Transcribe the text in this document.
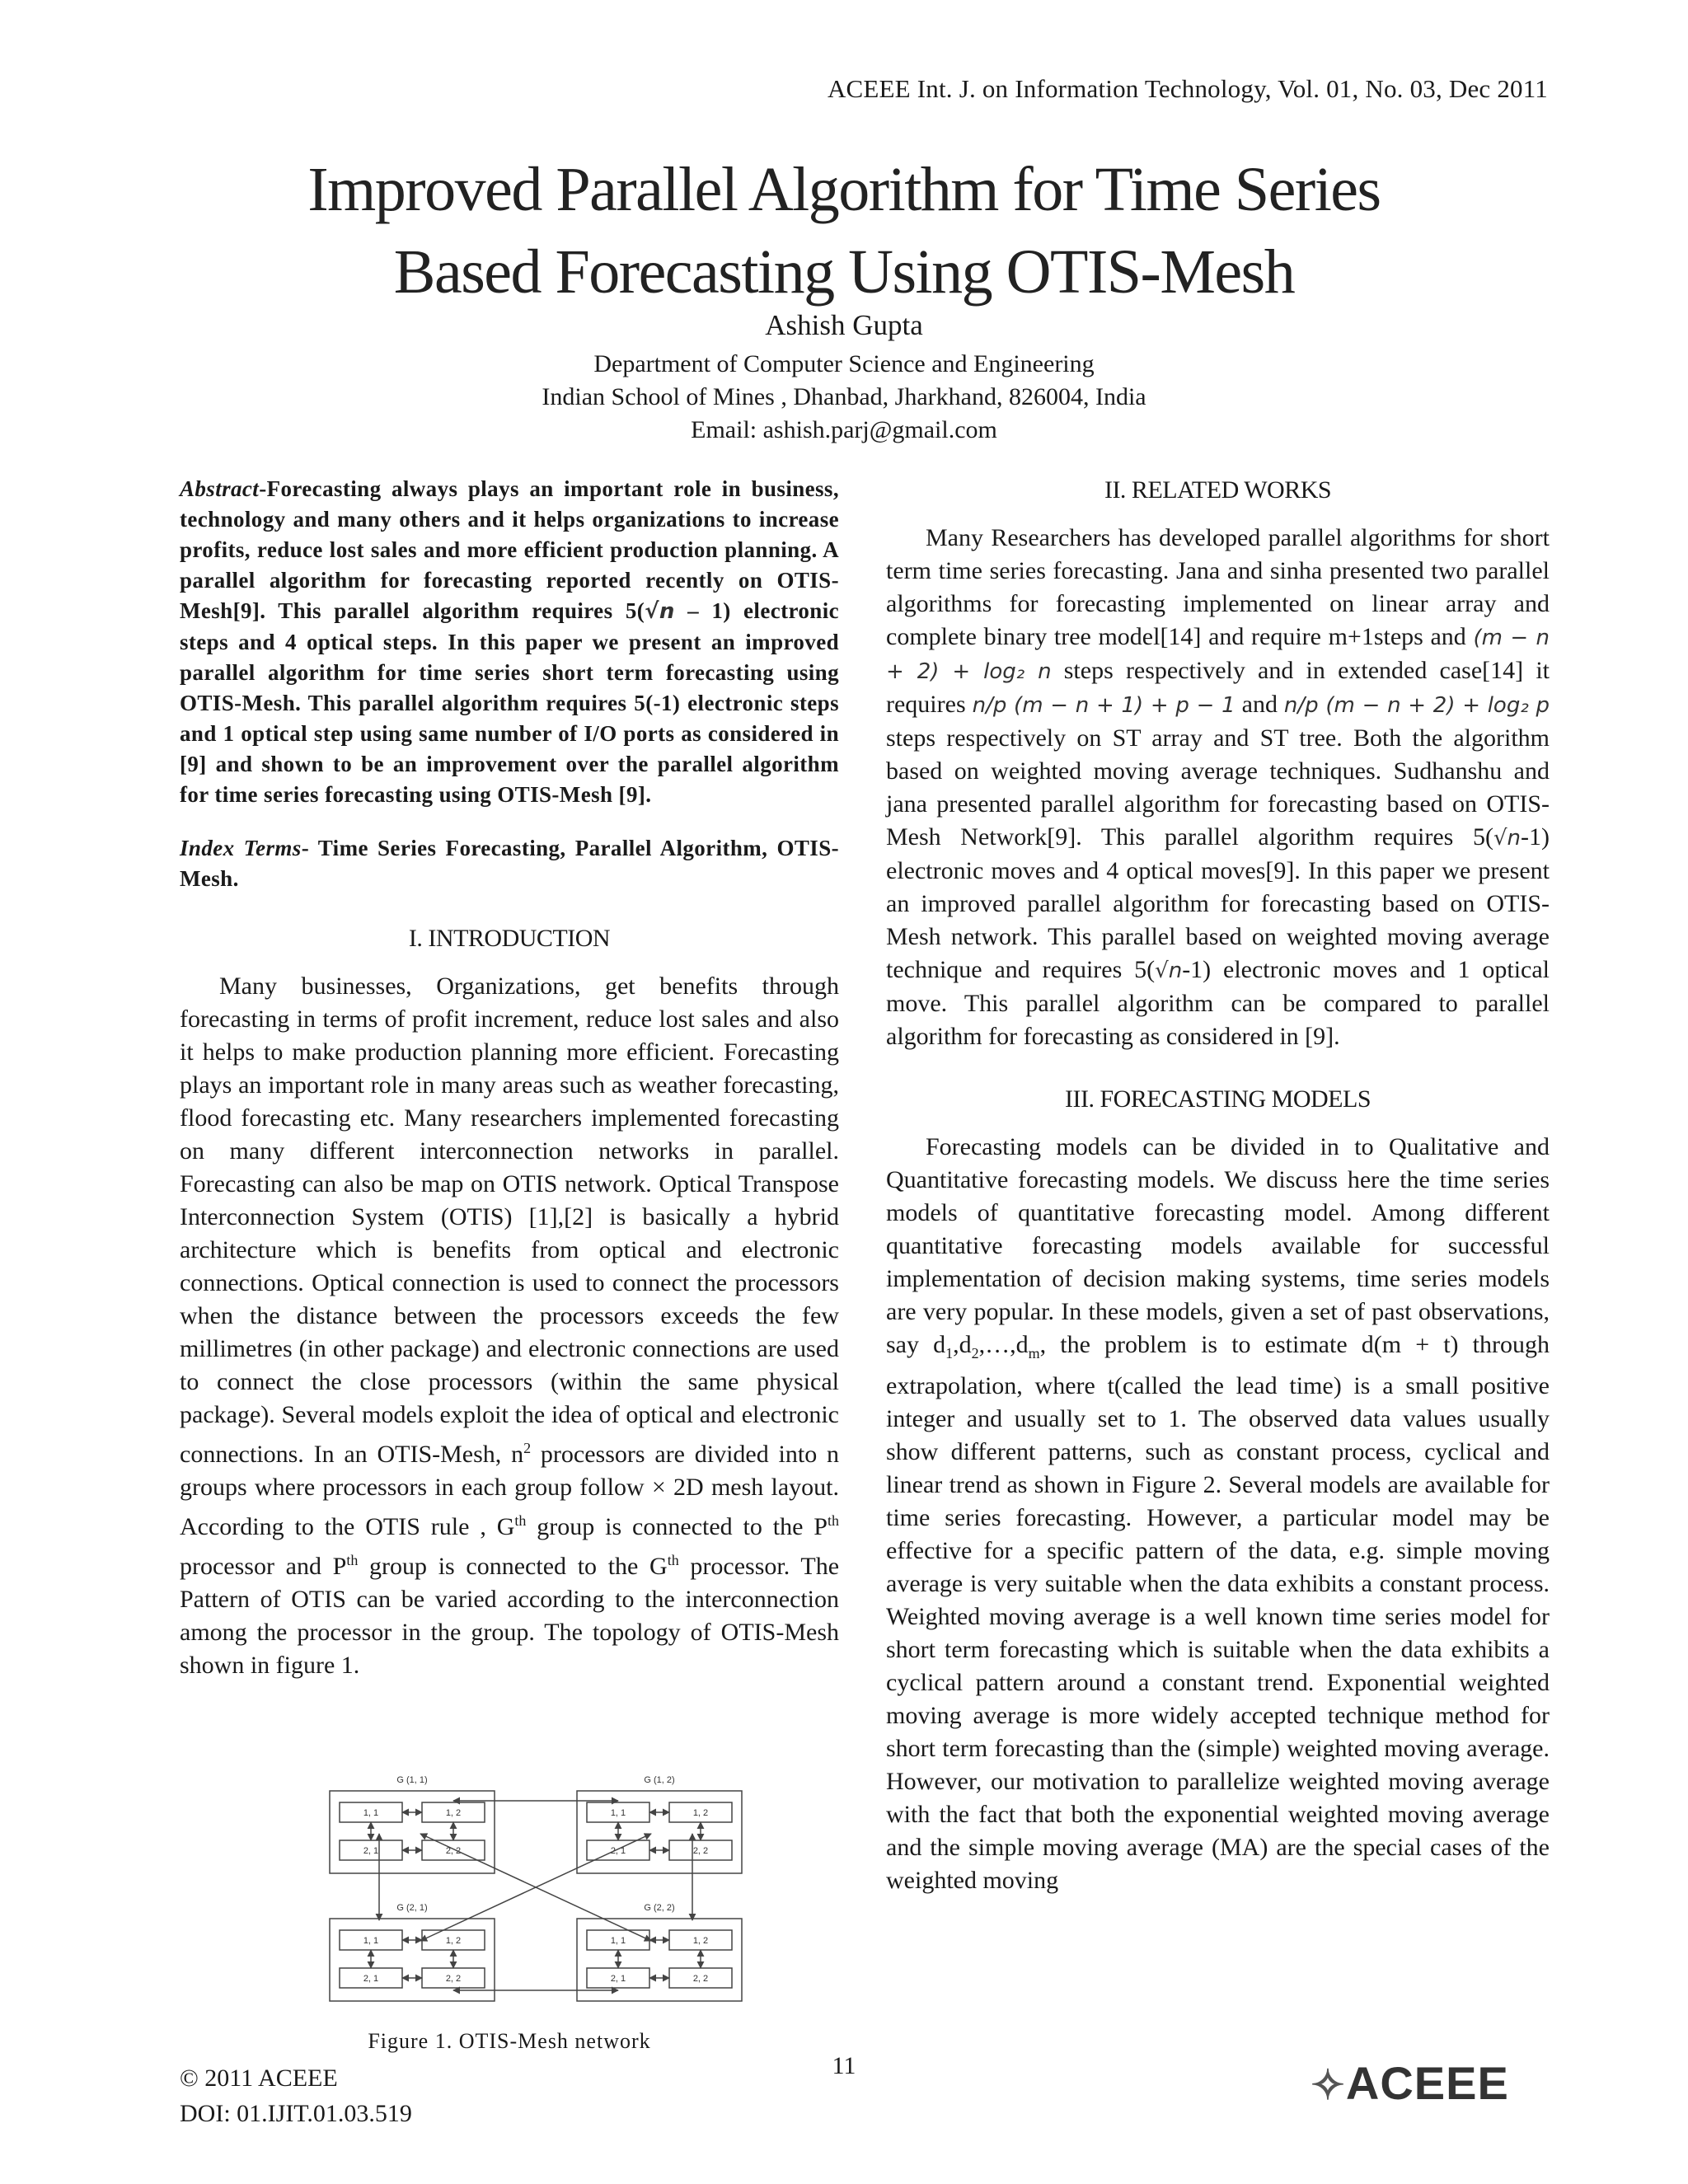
ACEEE Int. J. on Information Technology, Vol. 01, No. 03, Dec 2011
Improved Parallel Algorithm for Time Series
Based Forecasting Using OTIS-Mesh
Ashish Gupta
Department of Computer Science and Engineering
Indian School of Mines , Dhanbad, Jharkhand, 826004, India
Email: ashish.parj@gmail.com
Abstract-Forecasting always plays an important role in business, technology and many others and it helps organizations to increase profits, reduce lost sales and more efficient production planning. A parallel algorithm for forecasting reported recently on OTIS-Mesh[9]. This parallel algorithm requires 5(√n – 1) electronic steps and 4 optical steps. In this paper we present an improved parallel algorithm for time series short term forecasting using OTIS-Mesh. This parallel algorithm requires 5(-1) electronic steps and 1 optical step using same number of I/O ports as considered in [9] and shown to be an improvement over the parallel algorithm for time series forecasting using OTIS-Mesh [9].
Index Terms- Time Series Forecasting, Parallel Algorithm, OTIS-Mesh.
I. INTRODUCTION

Many businesses, Organizations, get benefits through forecasting in terms of profit increment, reduce lost sales and also it helps to make production planning more efficient. Forecasting plays an important role in many areas such as weather forecasting, flood forecasting etc. Many researchers implemented forecasting on many different interconnection networks in parallel. Forecasting can also be map on OTIS network. Optical Transpose Interconnection System (OTIS) [1],[2] is basically a hybrid architecture which is benefits from optical and electronic connections. Optical connection is used to connect the processors when the distance between the processors exceeds the few millimetres (in other package) and electronic connections are used to connect the close processors (within the same physical package). Several models exploit the idea of optical and electronic connections. In an OTIS-Mesh, $n^2$ processors are divided into n groups where processors in each group follow × 2D mesh layout. According to the OTIS rule , $G^{th}$ group is connected to the $P^{th}$ processor and $P^{th}$ group is connected to the $G^{th}$ processor. The Pattern of OTIS can be varied according to the interconnection among the processor in the group. The topology of OTIS-Mesh shown in figure 1.

G (1, 1)
1, 1	1, 2
2, 1	2, 2
G (1, 2)
1, 1	1, 2
2, 1	2, 2
G (2, 1)
1, 1	1, 2
2, 1	2, 2
G (2, 2)
1, 1	1, 2
2, 1	2, 2
Figure 1. OTIS-Mesh network
II. RELATED WORKS

Many Researchers has developed parallel algorithms for short term time series forecasting. Jana and sinha presented two parallel algorithms for forecasting implemented on linear array and complete binary tree model[14] and require m+1steps and (m − n + 2) + log₂ n steps respectively and in extended case[14] it requires n/p (m − n + 1) + p − 1 and n/p (m − n + 2) + log₂ p steps respectively on ST array and ST tree. Both the algorithm based on weighted moving average techniques. Sudhanshu and jana presented parallel algorithm for forecasting based on OTIS-Mesh Network[9]. This parallel algorithm requires 5(√n-1) electronic moves and 4 optical moves[9]. In this paper we present an improved parallel algorithm for forecasting based on OTIS- Mesh network. This parallel based on weighted moving average technique and requires 5(√n-1) electronic moves and 1 optical move. This parallel algorithm can be compared to parallel algorithm for forecasting as considered in [9].

III. FORECASTING MODELS

Forecasting models can be divided in to Qualitative and Quantitative forecasting models. We discuss here the time series models of quantitative forecasting model. Among different quantitative forecasting models available for successful implementation of decision making systems, time series models are very popular. In these models, given a set of past observations, say $d_1,d_2,\dots,d_m$, the problem is to estimate d(m + t) through extrapolation, where t(called the lead time) is a small positive integer and usually set to 1. The observed data values usually show different patterns, such as constant process, cyclical and linear trend as shown in Figure 2. Several models are available for time series forecasting. However, a particular model may be effective for a specific pattern of the data, e.g. simple moving average is very suitable when the data exhibits a constant process. Weighted moving average is a well known time series model for short term forecasting which is suitable when the data exhibits a cyclical pattern around a constant trend. Exponential weighted moving average is more widely accepted technique method for short term forecasting than the (simple) weighted moving average. However, our motivation to parallelize weighted moving average with the fact that both the exponential weighted moving average and the simple moving average (MA) are the special cases of the weighted moving

© 2011 ACEEE
DOI: 01.IJIT.01.03.519
11	✧ACEEE
